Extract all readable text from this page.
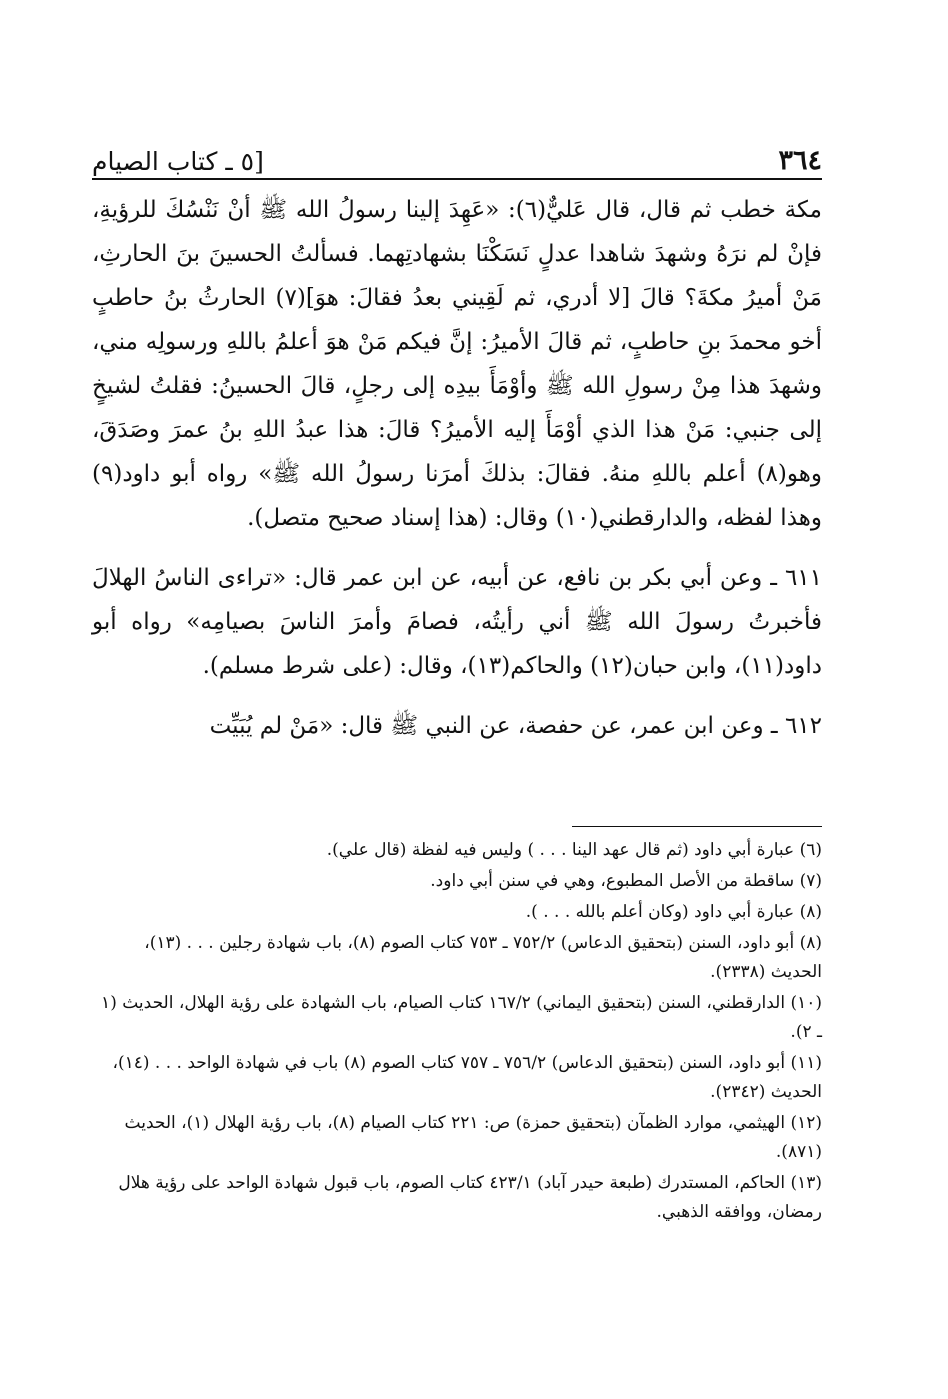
[٥ ـ كتاب الصيام	٣٦٤

مكة خطب ثم قال، قال عَليٌّ(٦): «عَهِدَ إلينا رسولُ الله ﷺ أنْ نَنْسُكَ للرؤيةِ، فإنْ لم نرَهُ وشهدَ شاهدا عدلٍ نَسَكْنَا بشهادتِهما. فسألتُ الحسينَ بنَ الحارثِ، مَنْ أميرُ مكةَ؟ قالَ [لا أدري، ثم لَقِيني بعدُ فقالَ: هوَ](٧) الحارثُ بنُ حاطبٍ أخو محمدَ بنِ حاطبٍ، ثم قالَ الأميرُ: إنَّ فيكم مَنْ هوَ أعلمُ باللهِ ورسولِه مني، وشهدَ هذا مِنْ رسولِ الله ﷺ وأوْمَأَ بيدِه إلى رجلٍ، قالَ الحسينُ: فقلتُ لشيخٍ إلى جنبي: مَنْ هذا الذي أوْمَأَ إليه الأميرُ؟ قالَ: هذا عبدُ اللهِ بنُ عمرَ وصَدَقَ، وهو(٨) أعلم باللهِ منهُ. فقالَ: بذلكَ أمرَنا رسولُ الله ﷺ» رواه أبو داود(٩) وهذا لفظه، والدارقطني(١٠) وقال: (هذا إسناد صحيح متصل).

٦١١ ـ وعن أبي بكر بن نافع، عن أبيه، عن ابن عمر قال: «تراءى الناسُ الهلالَ فأخبرتُ رسولَ الله ﷺ أني رأيتُه، فصامَ وأمرَ الناسَ بصيامِه» رواه أبو داود(١١)، وابن حبان(١٢) والحاكم(١٣)، وقال: (على شرط مسلم).

٦١٢ ـ وعن ابن عمر، عن حفصة، عن النبي ﷺ قال: «مَنْ لم يُبَيِّت

(٦) عبارة أبي داود (ثم قال عهد الينا . . . ) وليس فيه لفظة (قال علي).
(٧) ساقطة من الأصل المطبوع، وهي في سنن أبي داود.
(٨) عبارة أبي داود (وكان أعلم بالله . . . ).
(٨) أبو داود، السنن (بتحقيق الدعاس) ٧٥٢/٢ ـ ٧٥٣ كتاب الصوم (٨)، باب شهادة رجلين . . . (١٣)، الحديث (٢٣٣٨).
(١٠) الدارقطني، السنن (بتحقيق اليماني) ١٦٧/٢ كتاب الصيام، باب الشهادة على رؤية الهلال، الحديث (١ ـ ٢).
(١١) أبو داود، السنن (بتحقيق الدعاس) ٧٥٦/٢ ـ ٧٥٧ كتاب الصوم (٨) باب في شهادة الواحد . . . (١٤)، الحديث (٢٣٤٢).
(١٢) الهيثمي، موارد الظمآن (بتحقيق حمزة) ص: ٢٢١ كتاب الصيام (٨)، باب رؤية الهلال (١)، الحديث (٨٧١).
(١٣) الحاكم، المستدرك (طبعة حيدر آباد) ٤٢٣/١ كتاب الصوم، باب قبول شهادة الواحد على رؤية هلال رمضان، ووافقه الذهبي.
